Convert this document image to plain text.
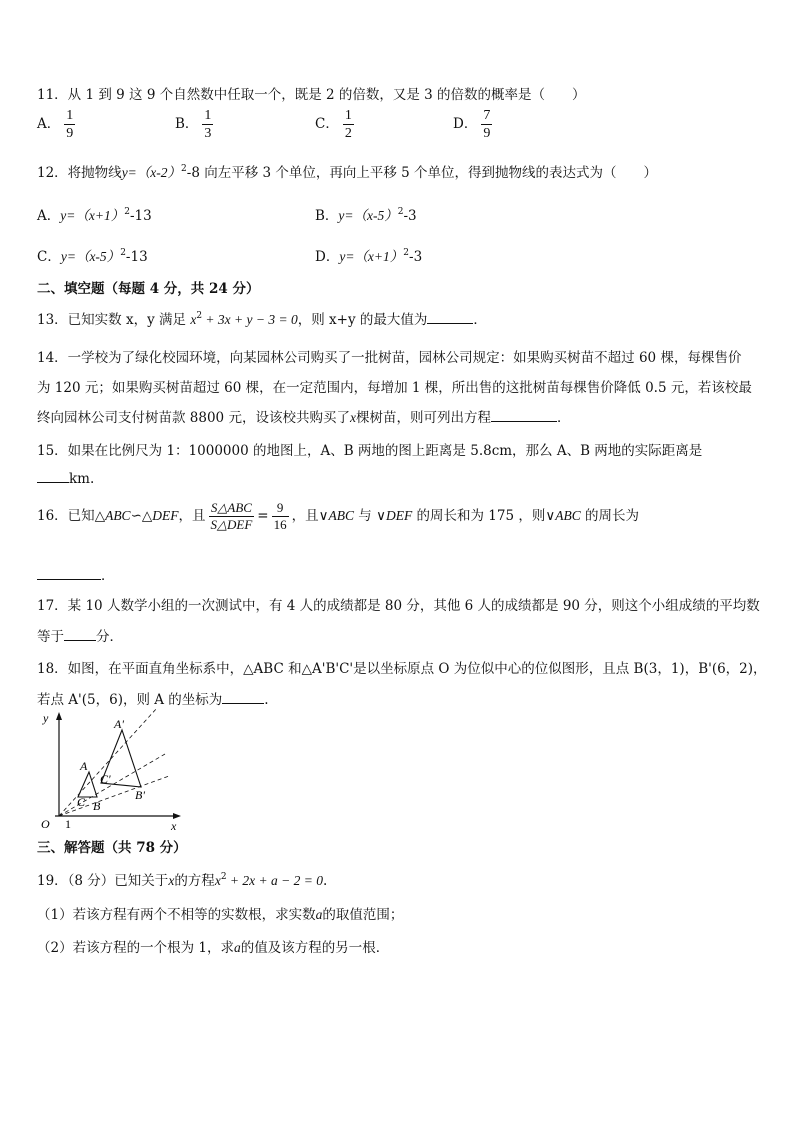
11．从 1 到 9 这 9 个自然数中任取一个，既是 2 的倍数，又是 3 的倍数的概率是（　　）
A． $\frac{1}{9}$	B． $\frac{1}{3}$	C． $\frac{1}{2}$	D． $\frac{7}{9}$
12．将抛物线$y=(x-2)^2-8$ 向左平移 3 个单位，再向上平移 5 个单位，得到抛物线的表达式为（　　）
A．$y=(x+1)^2-13$	B．$y=(x-5)^2-3$
C．$y=(x-5)^2-13$	D．$y=(x+1)^2-3$
二、填空题（每题 4 分，共 24 分）
13．已知实数 x，y 满足 $x^2 + 3x + y - 3 = 0$，则 x+y 的最大值为	．
14．一学校为了绿化校园环境，向某园林公司购买了一批树苗，园林公司规定：如果购买树苗不超过 60 棵，每棵售价
为 120 元；如果购买树苗超过 60 棵，在一定范围内，每增加 1 棵，所出售的这批树苗每棵售价降低 0.5 元，若该校最
终向园林公司支付树苗款 8800 元，设该校共购买了x棵树苗，则可列出方程	．
15．如果在比例尺为 1：1000000 的地图上，A、B 两地的图上距离是 5.8cm，那么 A、B 两地的实际距离是
km.
16．已知△ABC∽△DEF，且
S△ABC
S△DEF
= $\frac{9}{16}$ ，且∨ABC 与 ∨DEF 的周长和为 175 ，则∨ABC 的周长为
．
17．某 10 人数学小组的一次测试中，有 4 人的成绩都是 80 分，其他 6 人的成绩都是 90 分，则这个小组成绩的平均数
等于 分．
18．如图，在平面直角坐标系中，△ABC 和△A'B'C'是以坐标原点 O 为位似中心的位似图形，且点 B(3，1)，B'(6，2)，
若点 A'(5，6)，则 A 的坐标为	.
y
x
O 1
A
B
C
A'
B'
C'
三、解答题（共 78 分）
19．（8 分）已知关于x的方程$x^2 + 2x + a - 2 = 0$.
（1）若该方程有两个不相等的实数根，求实数a的取值范围；
（2）若该方程的一个根为 1，求a的值及该方程的另一根．
